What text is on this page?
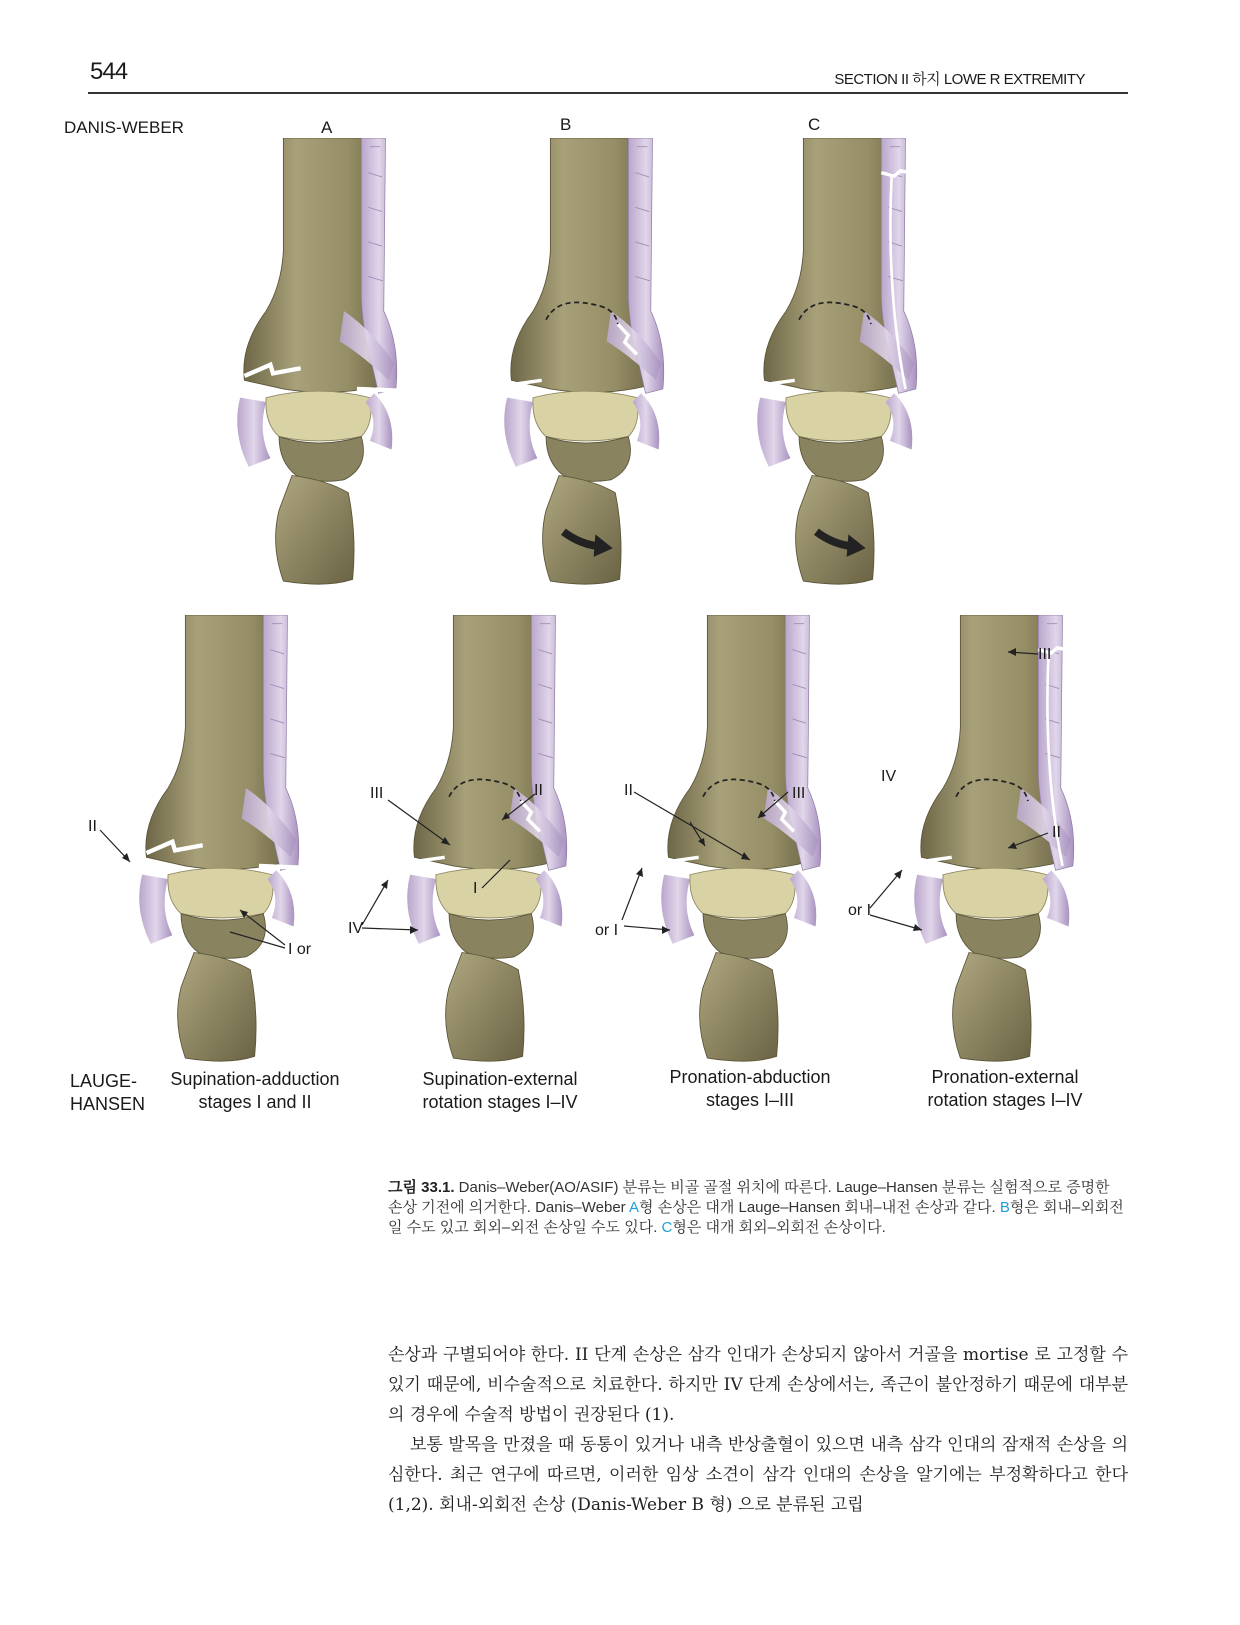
544	SECTION II 하지 LOWE R EXTREMITY
DANIS-WEBER	A	B	C
II
I or
III	II
I
IV
II	III
or I
III
IV
II
or I
LAUGE-
HANSEN
Supination-adduction
stages I and II
Supination-external
rotation stages I–IV
Pronation-abduction
stages I–III
Pronation-external
rotation stages I–IV
그림 33.1. Danis–Weber(AO/ASIF) 분류는 비골 골절 위치에 따른다. Lauge–Hansen 분류는 실험적으로 증명한 손상 기전에 의거한다. Danis–Weber A형 손상은 대개 Lauge–Hansen 회내–내전 손상과 같다. B형은 회내–외회전일 수도 있고 회외–외전 손상일 수도 있다. C형은 대개 회외–외회전 손상이다.

손상과 구별되어야 한다. II 단계 손상은 삼각 인대가 손상되지 않아서 거골을 mortise 로 고정할 수 있기 때문에, 비수술적으로 치료한다. 하지만 IV 단계 손상에서는, 족근이 불안정하기 때문에 대부분의 경우에 수술적 방법이 권장된다 (1).

보통 발목을 만졌을 때 동통이 있거나 내측 반상출혈이 있으면 내측 삼각 인대의 잠재적 손상을 의심한다. 최근 연구에 따르면, 이러한 임상 소견이 삼각 인대의 손상을 알기에는 부정확하다고 한다 (1,2). 회내-외회전 손상 (Danis-Weber B 형) 으로 분류된 고립
